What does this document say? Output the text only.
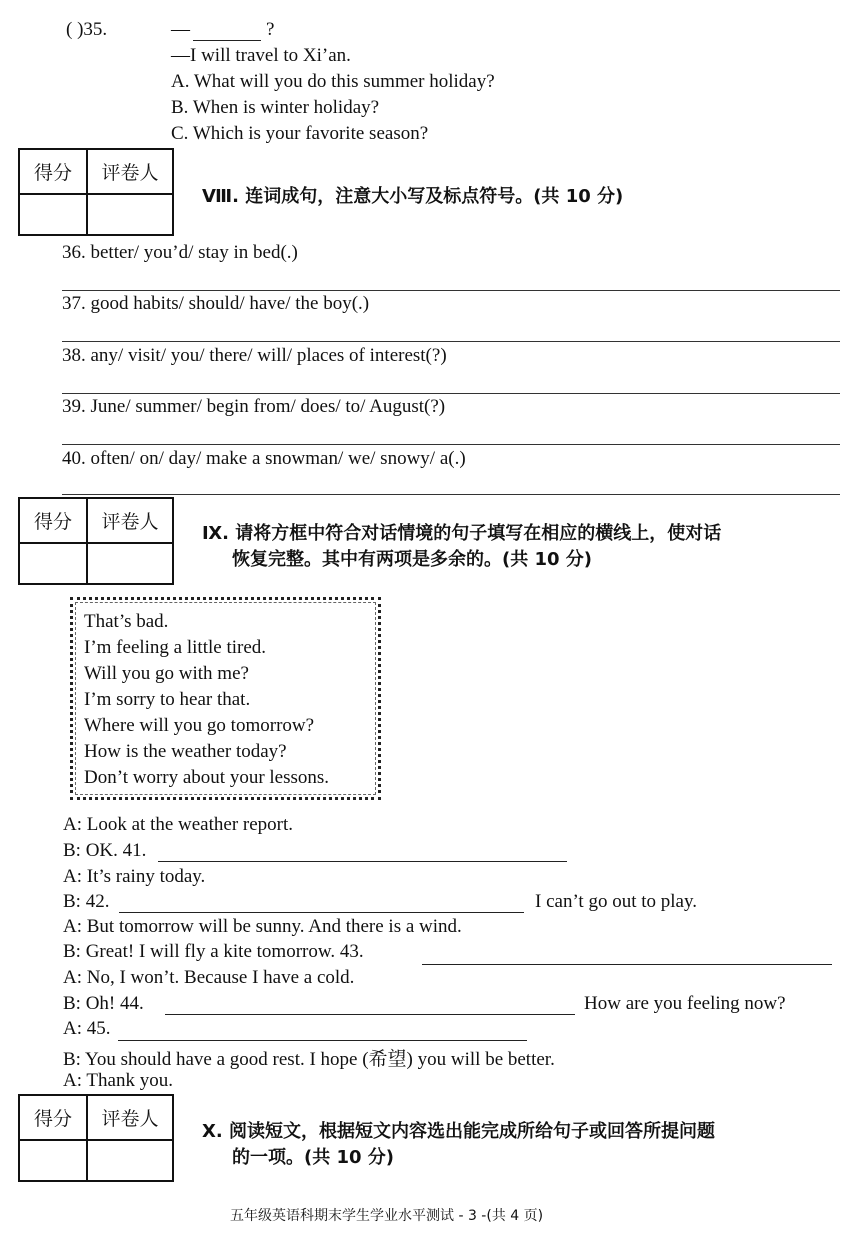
( )35.	—	?
—I will travel to Xi’an.
A. What will you do this summer holiday?
B. When is winter holiday?
C. Which is your favorite season?
得分	评卷人
Ⅷ. 连词成句，注意大小写及标点符号。(共 10 分)
36. better/ you’d/ stay in bed(.)
37. good habits/ should/ have/ the boy(.)
38. any/ visit/ you/ there/ will/ places of interest(?)
39. June/ summer/ begin from/ does/ to/ August(?)
40. often/ on/ day/ make a snowman/ we/ snowy/ a(.)
得分	评卷人
Ⅸ. 请将方框中符合对话情境的句子填写在相应的横线上，使对话
恢复完整。其中有两项是多余的。(共 10 分)
That’s bad.
I’m feeling a little tired.
Will you go with me?
I’m sorry to hear that.
Where will you go tomorrow?
How is the weather today?
Don’t worry about your lessons.
A: Look at the weather report.
B: OK. 41.
A: It’s rainy today.
B: 42.	I can’t go out to play.
A: But tomorrow will be sunny. And there is a wind.
B: Great! I will fly a kite tomorrow. 43.
A: No, I won’t. Because I have a cold.
B: Oh! 44.	How are you feeling now?
A: 45.
B: You should have a good rest. I hope (希望) you will be better.
A: Thank you.
得分	评卷人
Ⅹ. 阅读短文，根据短文内容选出能完成所给句子或回答所提问题
的一项。(共 10 分)
五年级英语科期末学生学业水平测试 - 3 -(共 4 页)
